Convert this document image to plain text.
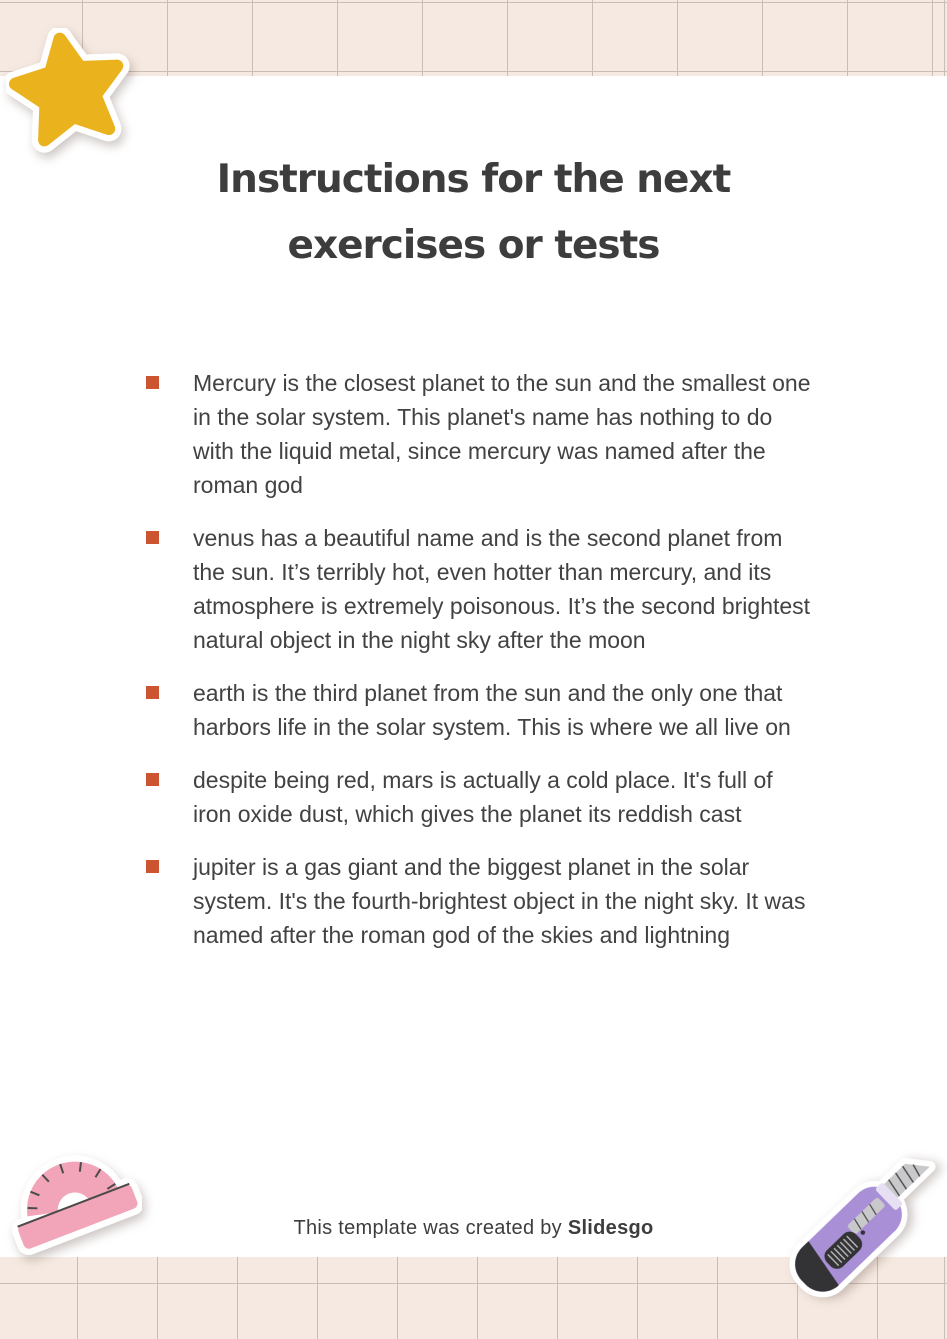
Instructions for the next
exercises or tests
Mercury is the closest planet to the sun and the smallest one in the solar system. This planet's name has nothing to do with the liquid metal, since mercury was named after the roman god
venus has a beautiful name and is the second planet from the sun. It’s terribly hot, even hotter than mercury, and its atmosphere is extremely poisonous. It’s the second brightest natural object in the night sky after the moon
earth is the third planet from the sun and the only one that harbors life in the solar system. This is where we all live on
despite being red, mars is actually a cold place. It's full of iron oxide dust, which gives the planet its reddish cast
jupiter is a gas giant and the biggest planet in the solar system. It's the fourth-brightest object in the night sky. It was named after the roman god of the skies and lightning

This template was created by Slidesgo
